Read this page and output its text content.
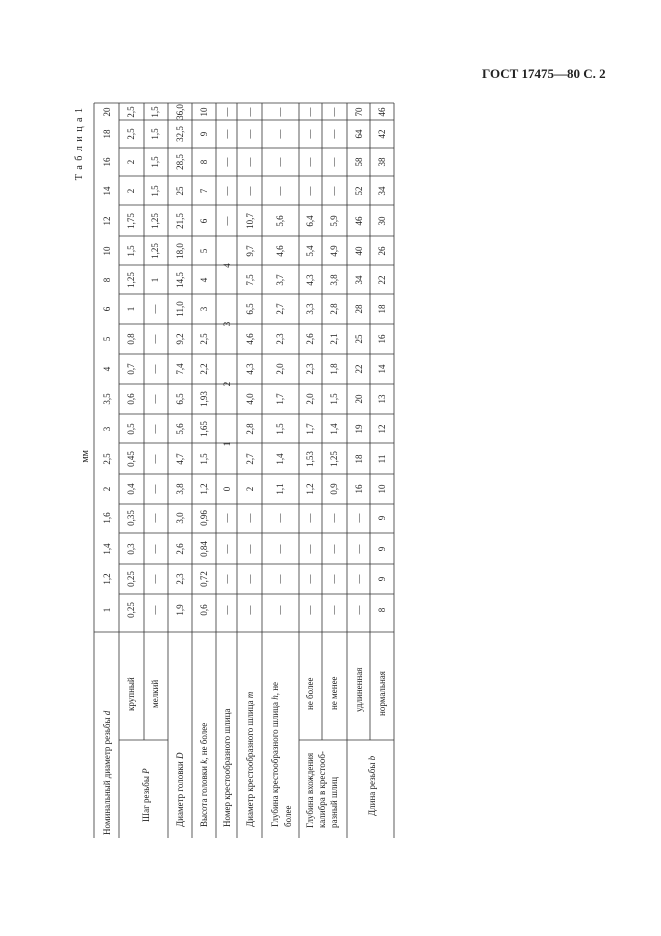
ГОСТ 17475—80 С. 2
Т а б л и ц а 1
мм
Номинальный диаметр резьбы d
Шаг резьбы P
крупный мелкий
Диаметр головки D
Высота головки k, не более Номер крестообразного шлица Диаметр крестообразного шлица m
Глубина крестообразного шлица h, не
более Глубина вхождения калибра в крестооб- разный шлиц
не более не менее
Длина резьбы b
удлиненная нормальная
1
1,2
1,4
1,6
2
2,5
3
3,5
4
5
6
8
10
12
14
16
18
20
0,25
0,25
0,3
0,35
0,4
0,45
0,5
0,6
0,7
0,8
1
1,25
1,5
1,75
2
2
2,5
2,5
—
—
—
—
—
—
—
—
—
—
—
1
1,25
1,25
1,5
1,5
1,5
1,5
1,9
2,3
2,6
3,0
3,8
4,7
5,6
6,5
7,4
9,2
11,0
14,5
18,0
21,5
25
28,5
32,5
36,0
0,6
0,72
0,84
0,96
1,2
1,5
1,65
1,93
2,2
2,5
3
4
5
6
7
8
9
10
—
—
—
—
0
1
2
3
4
—
—
—
—
—
—
—
—
—
2
2,7
2,8
4,0
4,3
4,6
6,5
7,5
9,7
10,7
—
—
—
—
—
—
—
—
1,1
1,4
1,5
1,7
2,0
2,3
2,7
3,7
4,6
5,6
—
—
—
—
—
—
—
—
1,2
1,53
1,7
2,0
2,3
2,6
3,3
4,3
5,4
6,4
—
—
—
—
—
—
—
—
0,9
1,25
1,4
1,5
1,8
2,1
2,8
3,8
4,9
5,9
—
—
—
—
—
—
—
—
16
18
19
20
22
25
28
34
40
46
52
58
64
70
8
9
9
9
10
11
12
13
14
16
18
22
26
30
34
38
42
46
